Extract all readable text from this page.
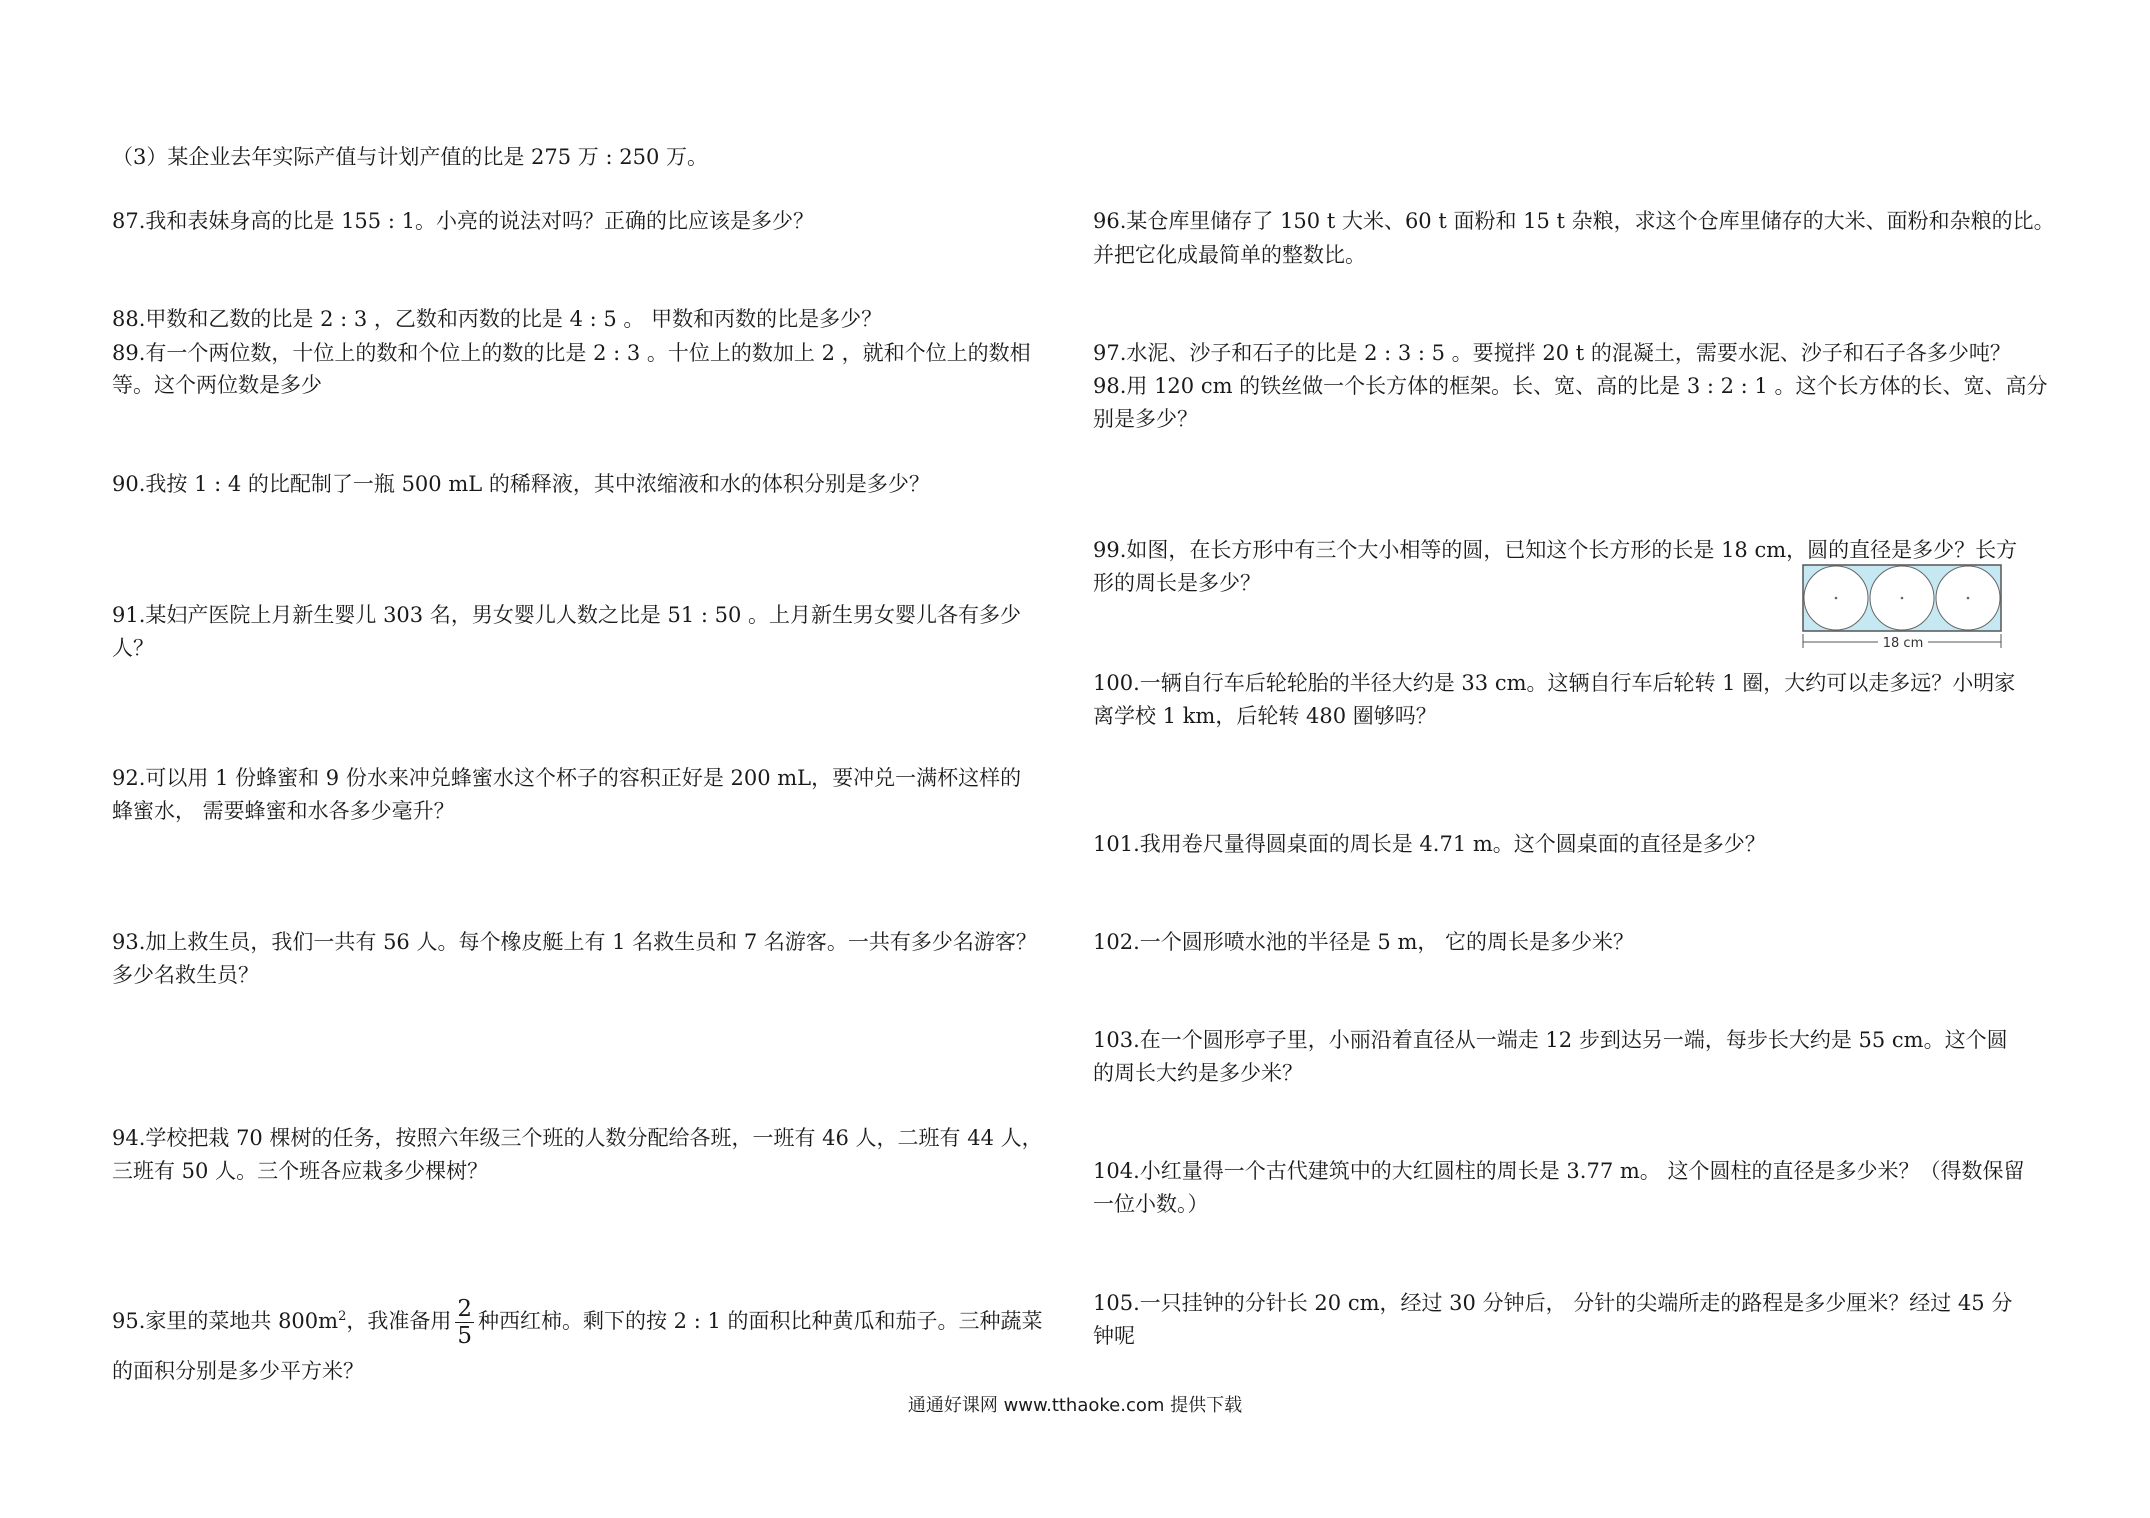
（3）某企业去年实际产值与计划产值的比是 275 万 : 250 万。

87.我和表妹身高的比是 155 : 1。小亮的说法对吗？正确的比应该是多少？

88.甲数和乙数的比是 2 : 3 ，乙数和丙数的比是 4 : 5 。 甲数和丙数的比是多少？

89.有一个两位数，十位上的数和个位上的数的比是 2 : 3 。十位上的数加上 2 ，就和个位上的数相

等。这个两位数是多少

90.我按 1 : 4 的比配制了一瓶 500 mL 的稀释液，其中浓缩液和水的体积分别是多少？

91.某妇产医院上月新生婴儿 303 名，男女婴儿人数之比是 51 : 50 。上月新生男女婴儿各有多少

人？

92.可以用 1 份蜂蜜和 9 份水来冲兑蜂蜜水这个杯子的容积正好是 200 mL，要冲兑一满杯这样的

蜂蜜水， 需要蜂蜜和水各多少毫升？

93.加上救生员，我们一共有 56 人。每个橡皮艇上有 1 名救生员和 7 名游客。一共有多少名游客？

多少名救生员？

94.学校把栽 70 棵树的任务，按照六年级三个班的人数分配给各班，一班有 46 人，二班有 44 人，

三班有 50 人。三个班各应栽多少棵树？

95.家里的菜地共 $800m^2$，我准备用 $\frac{2}{5}$ 种西红柿。剩下的按 2 : 1 的面积比种黄瓜和茄子。三种蔬菜

的面积分别是多少平方米？

96.某仓库里储存了 150 t 大米、60 t 面粉和 15 t 杂粮，求这个仓库里储存的大米、面粉和杂粮的比。

并把它化成最简单的整数比。

97.水泥、沙子和石子的比是 2 : 3 : 5 。要搅拌 20 t 的混凝土，需要水泥、沙子和石子各多少吨？

98.用 120 cm 的铁丝做一个长方体的框架。长、宽、高的比是 3 : 2 : 1 。这个长方体的长、宽、高分

别是多少？

99.如图，在长方形中有三个大小相等的圆，已知这个长方形的长是 18 cm，圆的直径是多少？长方

形的周长是多少？

18 cm

100.一辆自行车后轮轮胎的半径大约是 33 cm。这辆自行车后轮转 1 圈，大约可以走多远？小明家

离学校 1 km，后轮转 480 圈够吗？

101.我用卷尺量得圆桌面的周长是 4.71 m。这个圆桌面的直径是多少？

102.一个圆形喷水池的半径是 5 m， 它的周长是多少米？

103.在一个圆形亭子里，小丽沿着直径从一端走 12 步到达另一端，每步长大约是 55 cm。这个圆

的周长大约是多少米？

104.小红量得一个古代建筑中的大红圆柱的周长是 3.77 m。 这个圆柱的直径是多少米？（得数保留

一位小数。）

105.一只挂钟的分针长 20 cm，经过 30 分钟后， 分针的尖端所走的路程是多少厘米？经过 45 分

钟呢

通通好课网 www.tthaoke.com 提供下载
